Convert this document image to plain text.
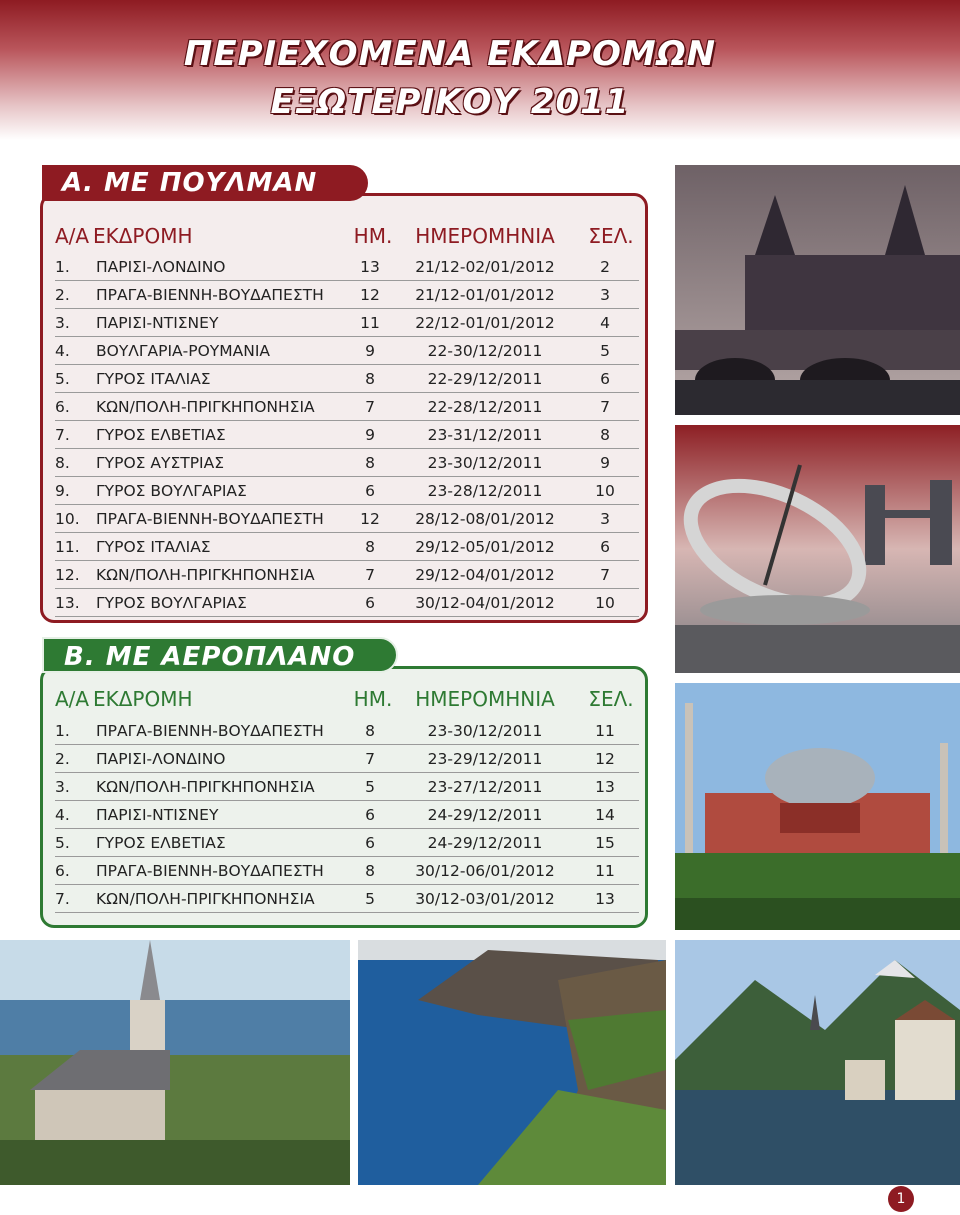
ΠΕΡΙΕΧΟΜΕΝΑ ΕΚΔΡΟΜΩΝ
ΕΞΩΤΕΡΙΚΟΥ 2011
Α/Α ΕΚΔΡΟΜΗ	ΗΜ.	ΗΜΕΡΟΜΗΝΙΑ	ΣΕΛ.
1. ΠΑΡΙΣΙ-ΛΟΝΔΙΝΟ	13	21/12-02/01/2012	2
2. ΠΡΑΓΑ-ΒΙΕΝΝΗ-ΒΟΥΔΑΠΕΣΤΗ	12	21/12-01/01/2012	3
3. ΠΑΡΙΣΙ-ΝΤΙΣΝΕΥ	11	22/12-01/01/2012	4
4. ΒΟΥΛΓΑΡΙΑ-ΡΟΥΜΑΝΙΑ	9	22-30/12/2011	5
5. ΓΥΡΟΣ ΙΤΑΛΙΑΣ	8	22-29/12/2011	6
6. ΚΩΝ/ΠΟΛΗ-ΠΡΙΓΚΗΠΟΝΗΣΙΑ	7	22-28/12/2011	7
7. ΓΥΡΟΣ ΕΛΒΕΤΙΑΣ	9	23-31/12/2011	8
8. ΓΥΡΟΣ ΑΥΣΤΡΙΑΣ	8	23-30/12/2011	9
9. ΓΥΡΟΣ ΒΟΥΛΓΑΡΙΑΣ	6	23-28/12/2011	10
10. ΠΡΑΓΑ-ΒΙΕΝΝΗ-ΒΟΥΔΑΠΕΣΤΗ	12	28/12-08/01/2012	3
11. ΓΥΡΟΣ ΙΤΑΛΙΑΣ	8	29/12-05/01/2012	6
12. ΚΩΝ/ΠΟΛΗ-ΠΡΙΓΚΗΠΟΝΗΣΙΑ	7	29/12-04/01/2012	7
13. ΓΥΡΟΣ ΒΟΥΛΓΑΡΙΑΣ	6	30/12-04/01/2012	10
Α. ΜΕ ΠΟΥΛΜΑΝ
Α/Α ΕΚΔΡΟΜΗ	ΗΜ.	ΗΜΕΡΟΜΗΝΙΑ	ΣΕΛ.
1. ΠΡΑΓΑ-ΒΙΕΝΝΗ-ΒΟΥΔΑΠΕΣΤΗ	8	23-30/12/2011	11
2. ΠΑΡΙΣΙ-ΛΟΝΔΙΝΟ	7	23-29/12/2011	12
3. ΚΩΝ/ΠΟΛΗ-ΠΡΙΓΚΗΠΟΝΗΣΙΑ	5	23-27/12/2011	13
4. ΠΑΡΙΣΙ-ΝΤΙΣΝΕΥ	6	24-29/12/2011	14
5. ΓΥΡΟΣ ΕΛΒΕΤΙΑΣ	6	24-29/12/2011	15
6. ΠΡΑΓΑ-ΒΙΕΝΝΗ-ΒΟΥΔΑΠΕΣΤΗ	8	30/12-06/01/2012	11
7. ΚΩΝ/ΠΟΛΗ-ΠΡΙΓΚΗΠΟΝΗΣΙΑ	5	30/12-03/01/2012	13
Β. ΜΕ ΑΕΡΟΠΛΑΝΟ
1
